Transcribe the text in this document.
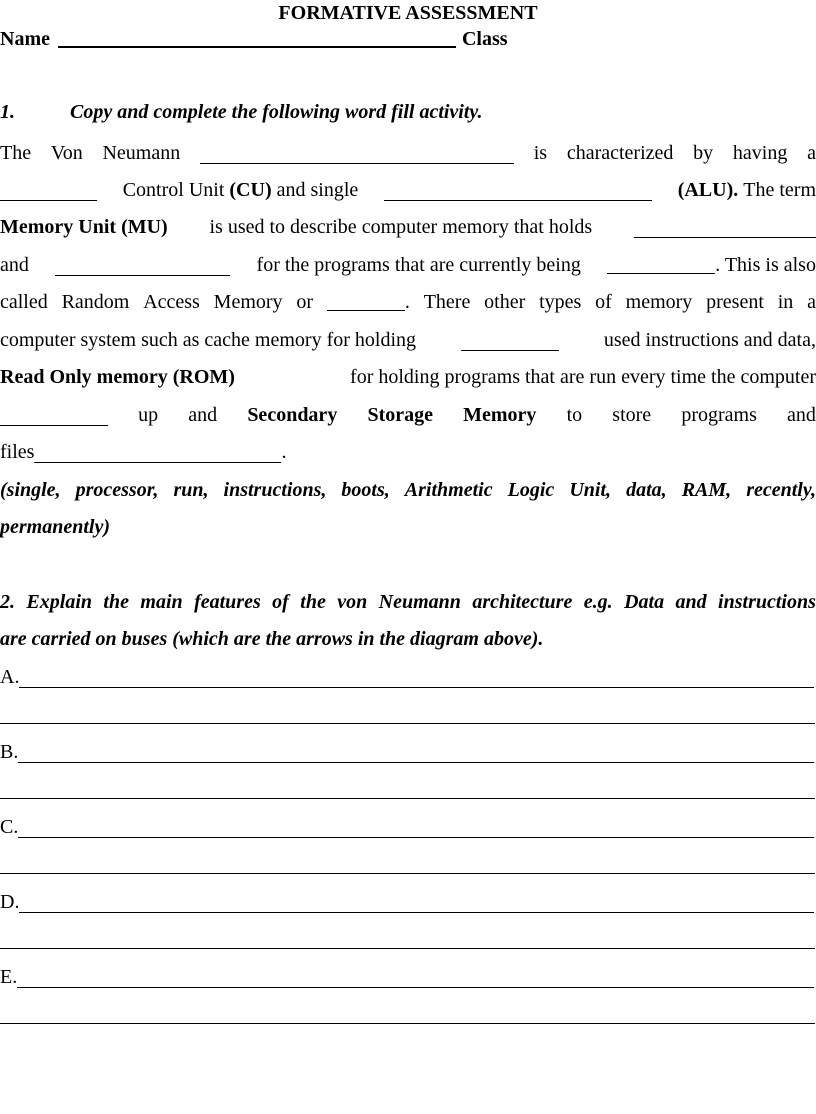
FORMATIVE ASSESSMENT
Name	Class
1.	Copy and complete the following word fill activity.
The Von Neumann	is characterized by having a
Control Unit (CU) and single	(ALU). The term
Memory Unit (MU) is used to describe computer memory that holds
and	for the programs that are currently being	. This is also
called Random Access Memory or	. There other types of memory present in a
computer system such as cache memory for holding	used instructions and data,
Read Only memory (ROM)	for holding programs that are run every time the computer
up and Secondary Storage Memory to store programs and
files	.
(single, processor, run, instructions, boots, Arithmetic Logic Unit, data, RAM, recently,
permanently)
2. Explain the main features of the von Neumann architecture e.g. Data and instructions
are carried on buses (which are the arrows in the diagram above).
A.
B.
C.
D.
E.
